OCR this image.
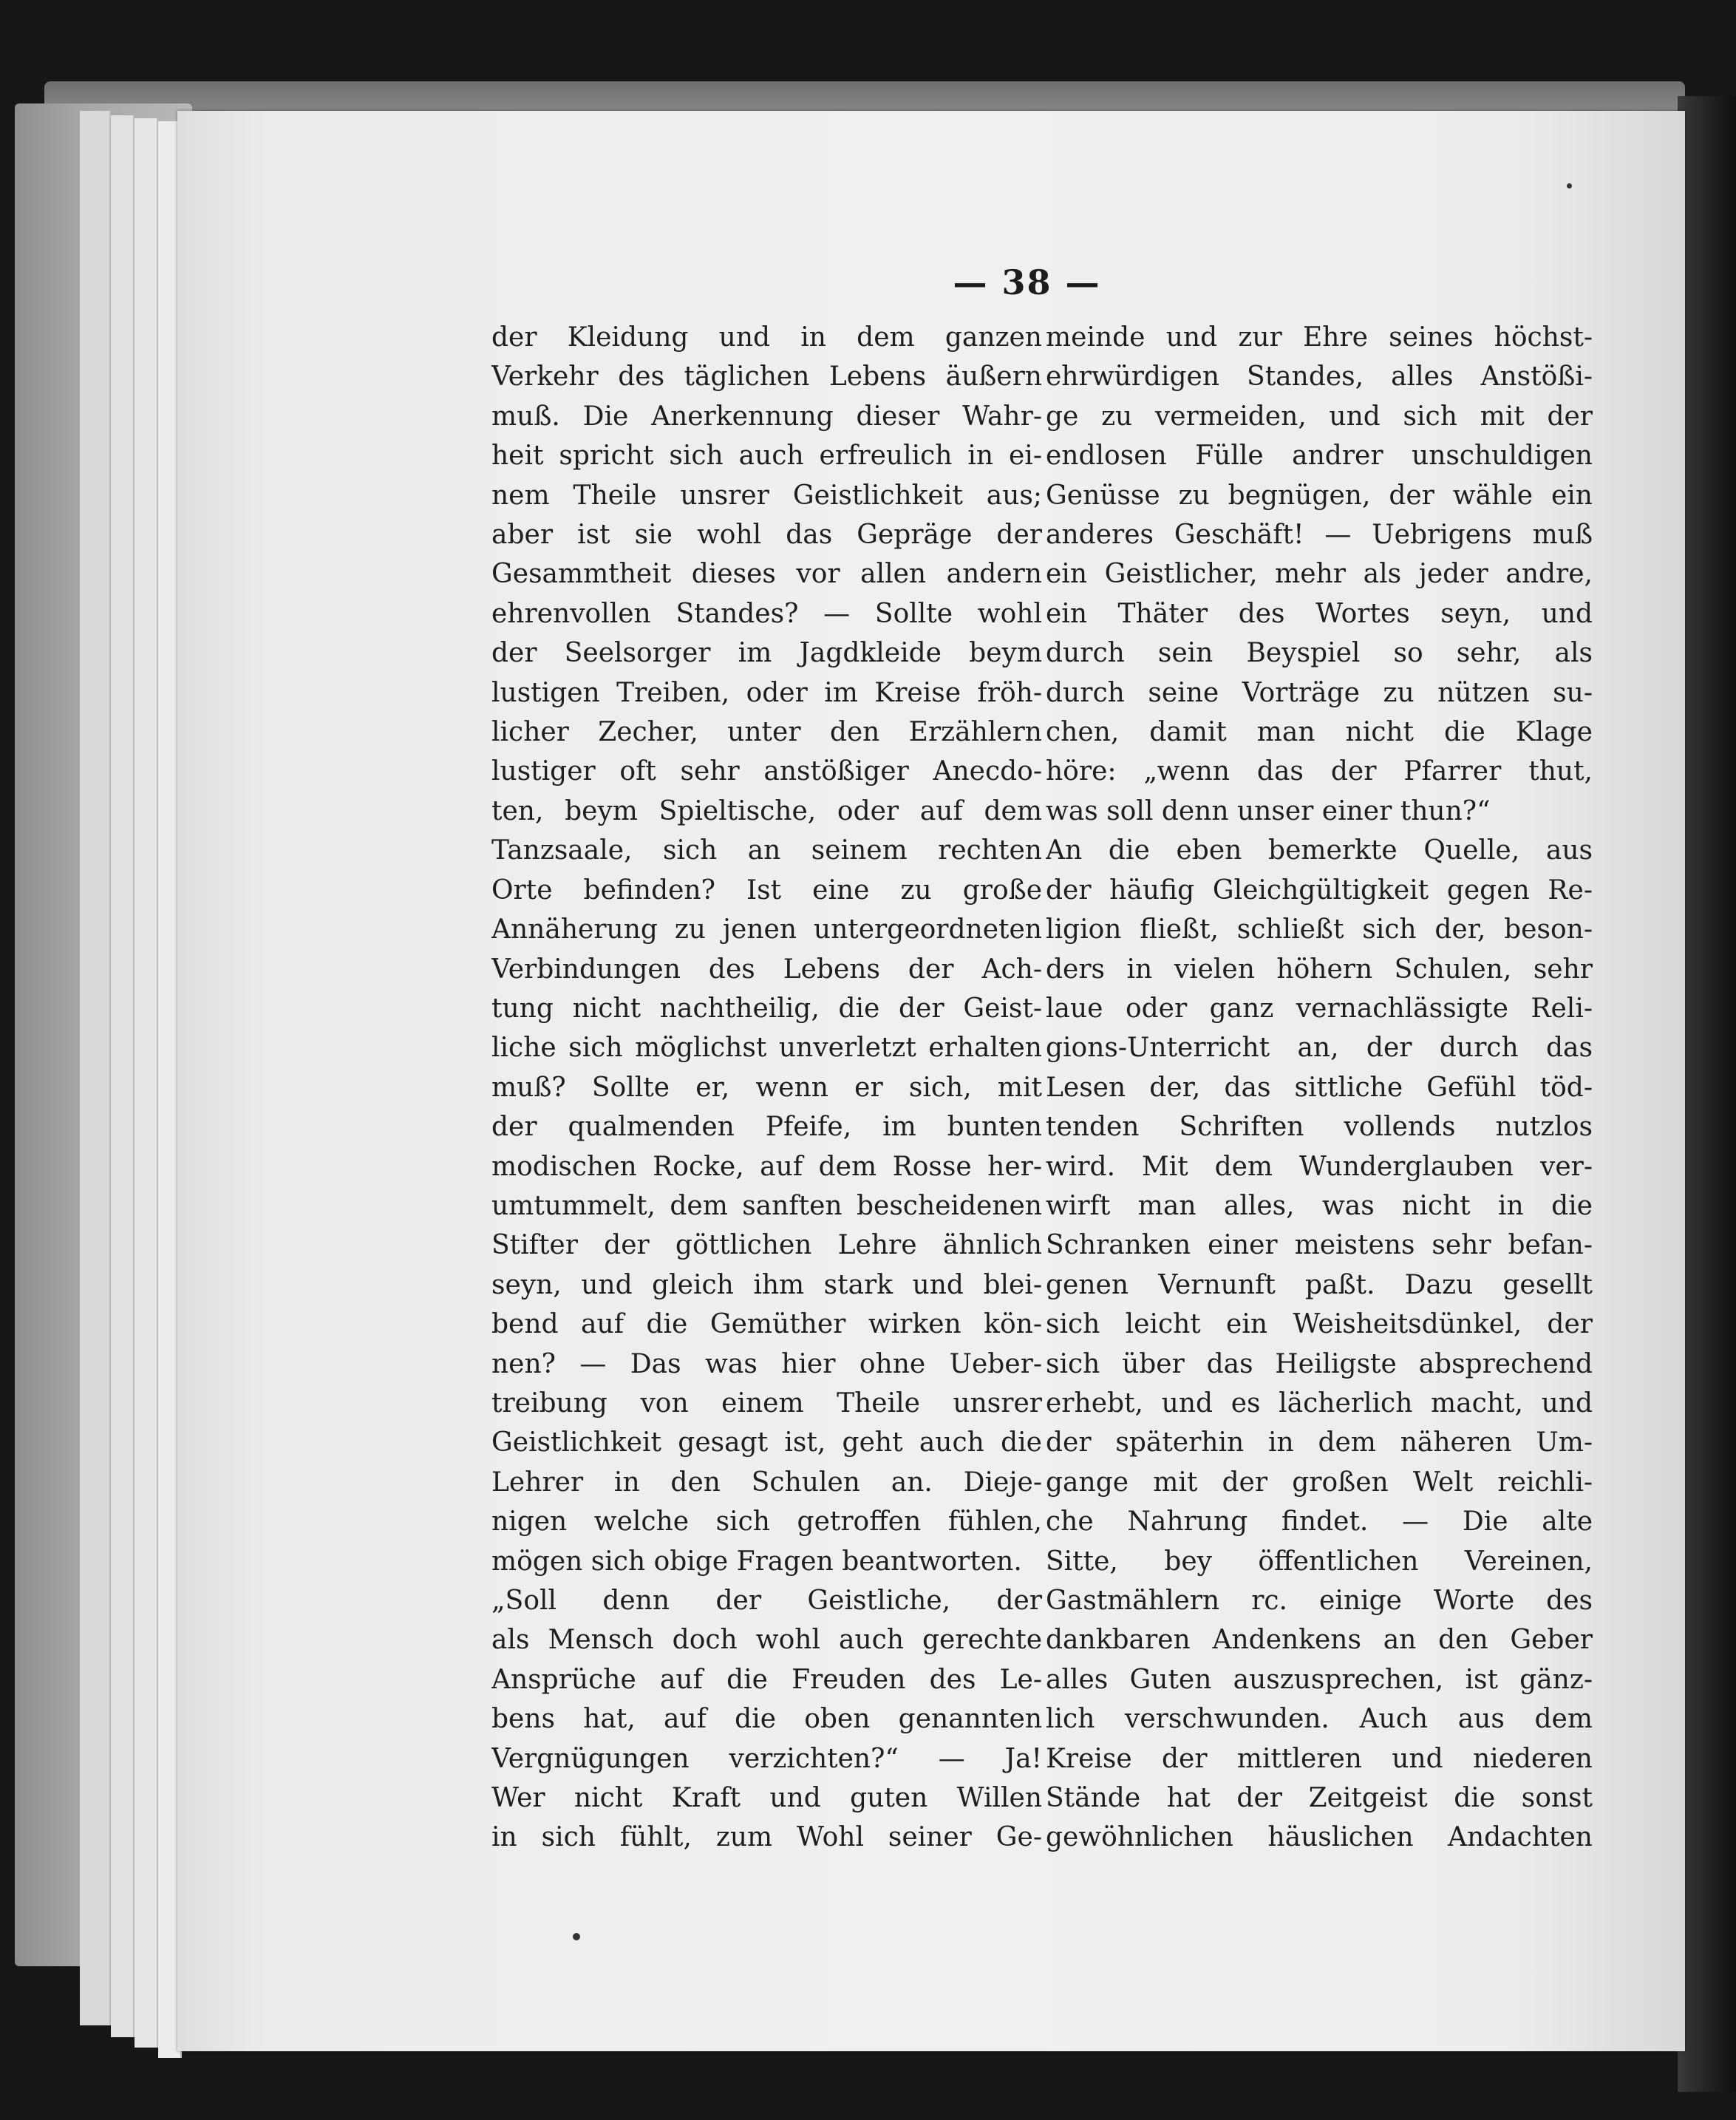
— 38 —
der Kleidung und in dem ganzen
Verkehr des täglichen Lebens äußern
muß. Die Anerkennung dieser Wahr-
heit spricht sich auch erfreulich in ei-
nem Theile unsrer Geistlichkeit aus;
aber ist sie wohl das Gepräge der
Gesammtheit dieses vor allen andern
ehrenvollen Standes? — Sollte wohl
der Seelsorger im Jagdkleide beym
lustigen Treiben, oder im Kreise fröh-
licher Zecher, unter den Erzählern
lustiger oft sehr anstößiger Anecdo-
ten, beym Spieltische, oder auf dem
Tanzsaale, sich an seinem rechten
Orte befinden? Ist eine zu große
Annäherung zu jenen untergeordneten
Verbindungen des Lebens der Ach-
tung nicht nachtheilig, die der Geist-
liche sich möglichst unverletzt erhalten
muß? Sollte er, wenn er sich, mit
der qualmenden Pfeife, im bunten
modischen Rocke, auf dem Rosse her-
umtummelt, dem sanften bescheidenen
Stifter der göttlichen Lehre ähnlich
seyn, und gleich ihm stark und blei-
bend auf die Gemüther wirken kön-
nen? — Das was hier ohne Ueber-
treibung von einem Theile unsrer
Geistlichkeit gesagt ist, geht auch die
Lehrer in den Schulen an. Dieje-
nigen welche sich getroffen fühlen,
mögen sich obige Fragen beantworten.
„Soll denn der Geistliche, der
als Mensch doch wohl auch gerechte
Ansprüche auf die Freuden des Le-
bens hat, auf die oben genannten
Vergnügungen verzichten?“ — Ja!
Wer nicht Kraft und guten Willen
in sich fühlt, zum Wohl seiner Ge-
meinde und zur Ehre seines höchst-
ehrwürdigen Standes, alles Anstößi-
ge zu vermeiden, und sich mit der
endlosen Fülle andrer unschuldigen
Genüsse zu begnügen, der wähle ein
anderes Geschäft! — Uebrigens muß
ein Geistlicher, mehr als jeder andre,
ein Thäter des Wortes seyn, und
durch sein Beyspiel so sehr, als
durch seine Vorträge zu nützen su-
chen, damit man nicht die Klage
höre: „wenn das der Pfarrer thut,
was soll denn unser einer thun?“
An die eben bemerkte Quelle, aus
der häufig Gleichgültigkeit gegen Re-
ligion fließt, schließt sich der, beson-
ders in vielen höhern Schulen, sehr
laue oder ganz vernachlässigte Reli-
gions-Unterricht an, der durch das
Lesen der, das sittliche Gefühl töd-
tenden Schriften vollends nutzlos
wird. Mit dem Wunderglauben ver-
wirft man alles, was nicht in die
Schranken einer meistens sehr befan-
genen Vernunft paßt. Dazu gesellt
sich leicht ein Weisheitsdünkel, der
sich über das Heiligste absprechend
erhebt, und es lächerlich macht, und
der späterhin in dem näheren Um-
gange mit der großen Welt reichli-
che Nahrung findet. — Die alte
Sitte, bey öffentlichen Vereinen,
Gastmählern rc. einige Worte des
dankbaren Andenkens an den Geber
alles Guten auszusprechen, ist gänz-
lich verschwunden. Auch aus dem
Kreise der mittleren und niederen
Stände hat der Zeitgeist die sonst
gewöhnlichen häuslichen Andachten
